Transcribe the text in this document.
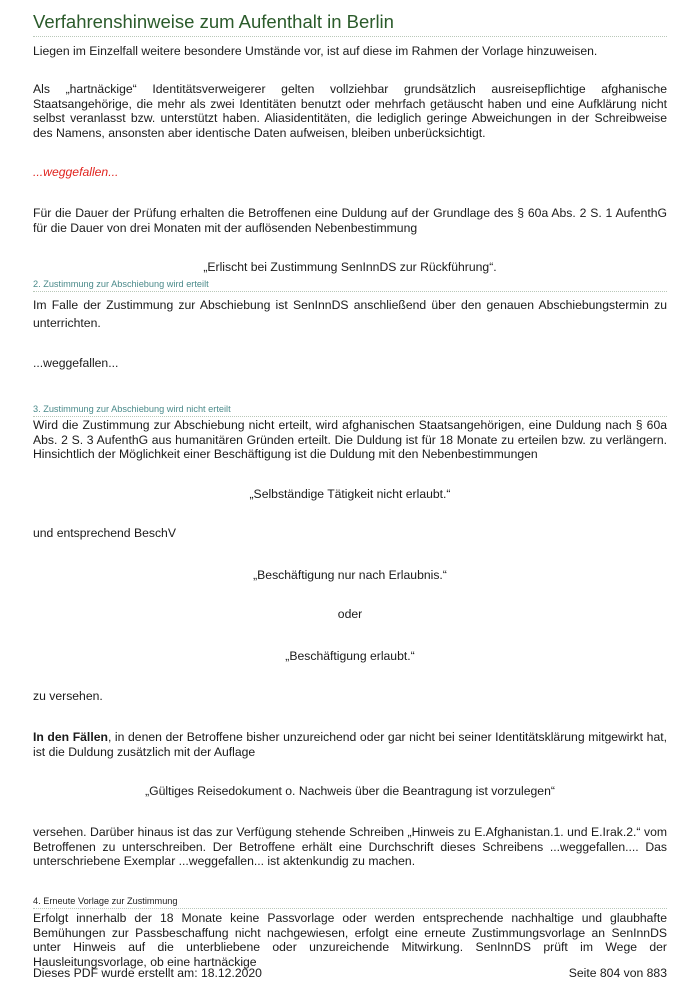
Verfahrenshinweise zum Aufenthalt in Berlin
Liegen im Einzelfall weitere besondere Umstände vor, ist auf diese im Rahmen der Vorlage hinzuweisen.
Als „hartnäckige“ Identitätsverweigerer gelten vollziehbar grundsätzlich ausreisepflichtige afghanische Staatsangehörige, die mehr als zwei Identitäten benutzt oder mehrfach getäuscht haben und eine Aufklärung nicht selbst veranlasst bzw. unterstützt haben. Aliasidentitäten, die lediglich geringe Abweichungen in der Schreibweise des Namens, ansonsten aber identische Daten aufweisen, bleiben unberücksichtigt.
...weggefallen...
Für die Dauer der Prüfung erhalten die Betroffenen eine Duldung auf der Grundlage des § 60a Abs. 2 S. 1 AufenthG für die Dauer von drei Monaten mit der auflösenden Nebenbestimmung
„Erlischt bei Zustimmung SenInnDS zur Rückführung“.
2. Zustimmung zur Abschiebung wird erteilt
Im Falle der Zustimmung zur Abschiebung ist SenInnDS anschließend über den genauen Abschiebungstermin zu unterrichten.
...weggefallen...
3. Zustimmung zur Abschiebung wird nicht erteilt
Wird die Zustimmung zur Abschiebung nicht erteilt, wird afghanischen Staatsangehörigen, eine Duldung nach § 60a Abs. 2 S. 3 AufenthG aus humanitären Gründen erteilt. Die Duldung ist für 18 Monate zu erteilen bzw. zu verlängern. Hinsichtlich der Möglichkeit einer Beschäftigung ist die Duldung mit den Nebenbestimmungen
„Selbständige Tätigkeit nicht erlaubt.“
und entsprechend BeschV
„Beschäftigung nur nach Erlaubnis.“
oder
„Beschäftigung erlaubt.“
zu versehen.
In den Fällen, in denen der Betroffene bisher unzureichend oder gar nicht bei seiner Identitätsklärung mitgewirkt hat, ist die Duldung zusätzlich mit der Auflage
„Gültiges Reisedokument o. Nachweis über die Beantragung ist vorzulegen“
versehen. Darüber hinaus ist das zur Verfügung stehende Schreiben „Hinweis zu E.Afghanistan.1. und E.Irak.2.“ vom Betroffenen zu unterschreiben. Der Betroffene erhält eine Durchschrift dieses Schreibens ...weggefallen.... Das unterschriebene Exemplar ...weggefallen... ist aktenkundig zu machen.
4. Erneute Vorlage zur Zustimmung
Erfolgt innerhalb der 18 Monate keine Passvorlage oder werden entsprechende nachhaltige und glaubhafte Bemühungen zur Passbeschaffung nicht nachgewiesen, erfolgt eine erneute Zustimmungsvorlage an SenInnDS unter Hinweis auf die unterbliebene oder unzureichende Mitwirkung. SenInnDS prüft im Wege der Hausleitungsvorlage, ob eine hartnäckige
Dieses PDF wurde erstellt am: 18.12.2020	Seite 804 von 883
